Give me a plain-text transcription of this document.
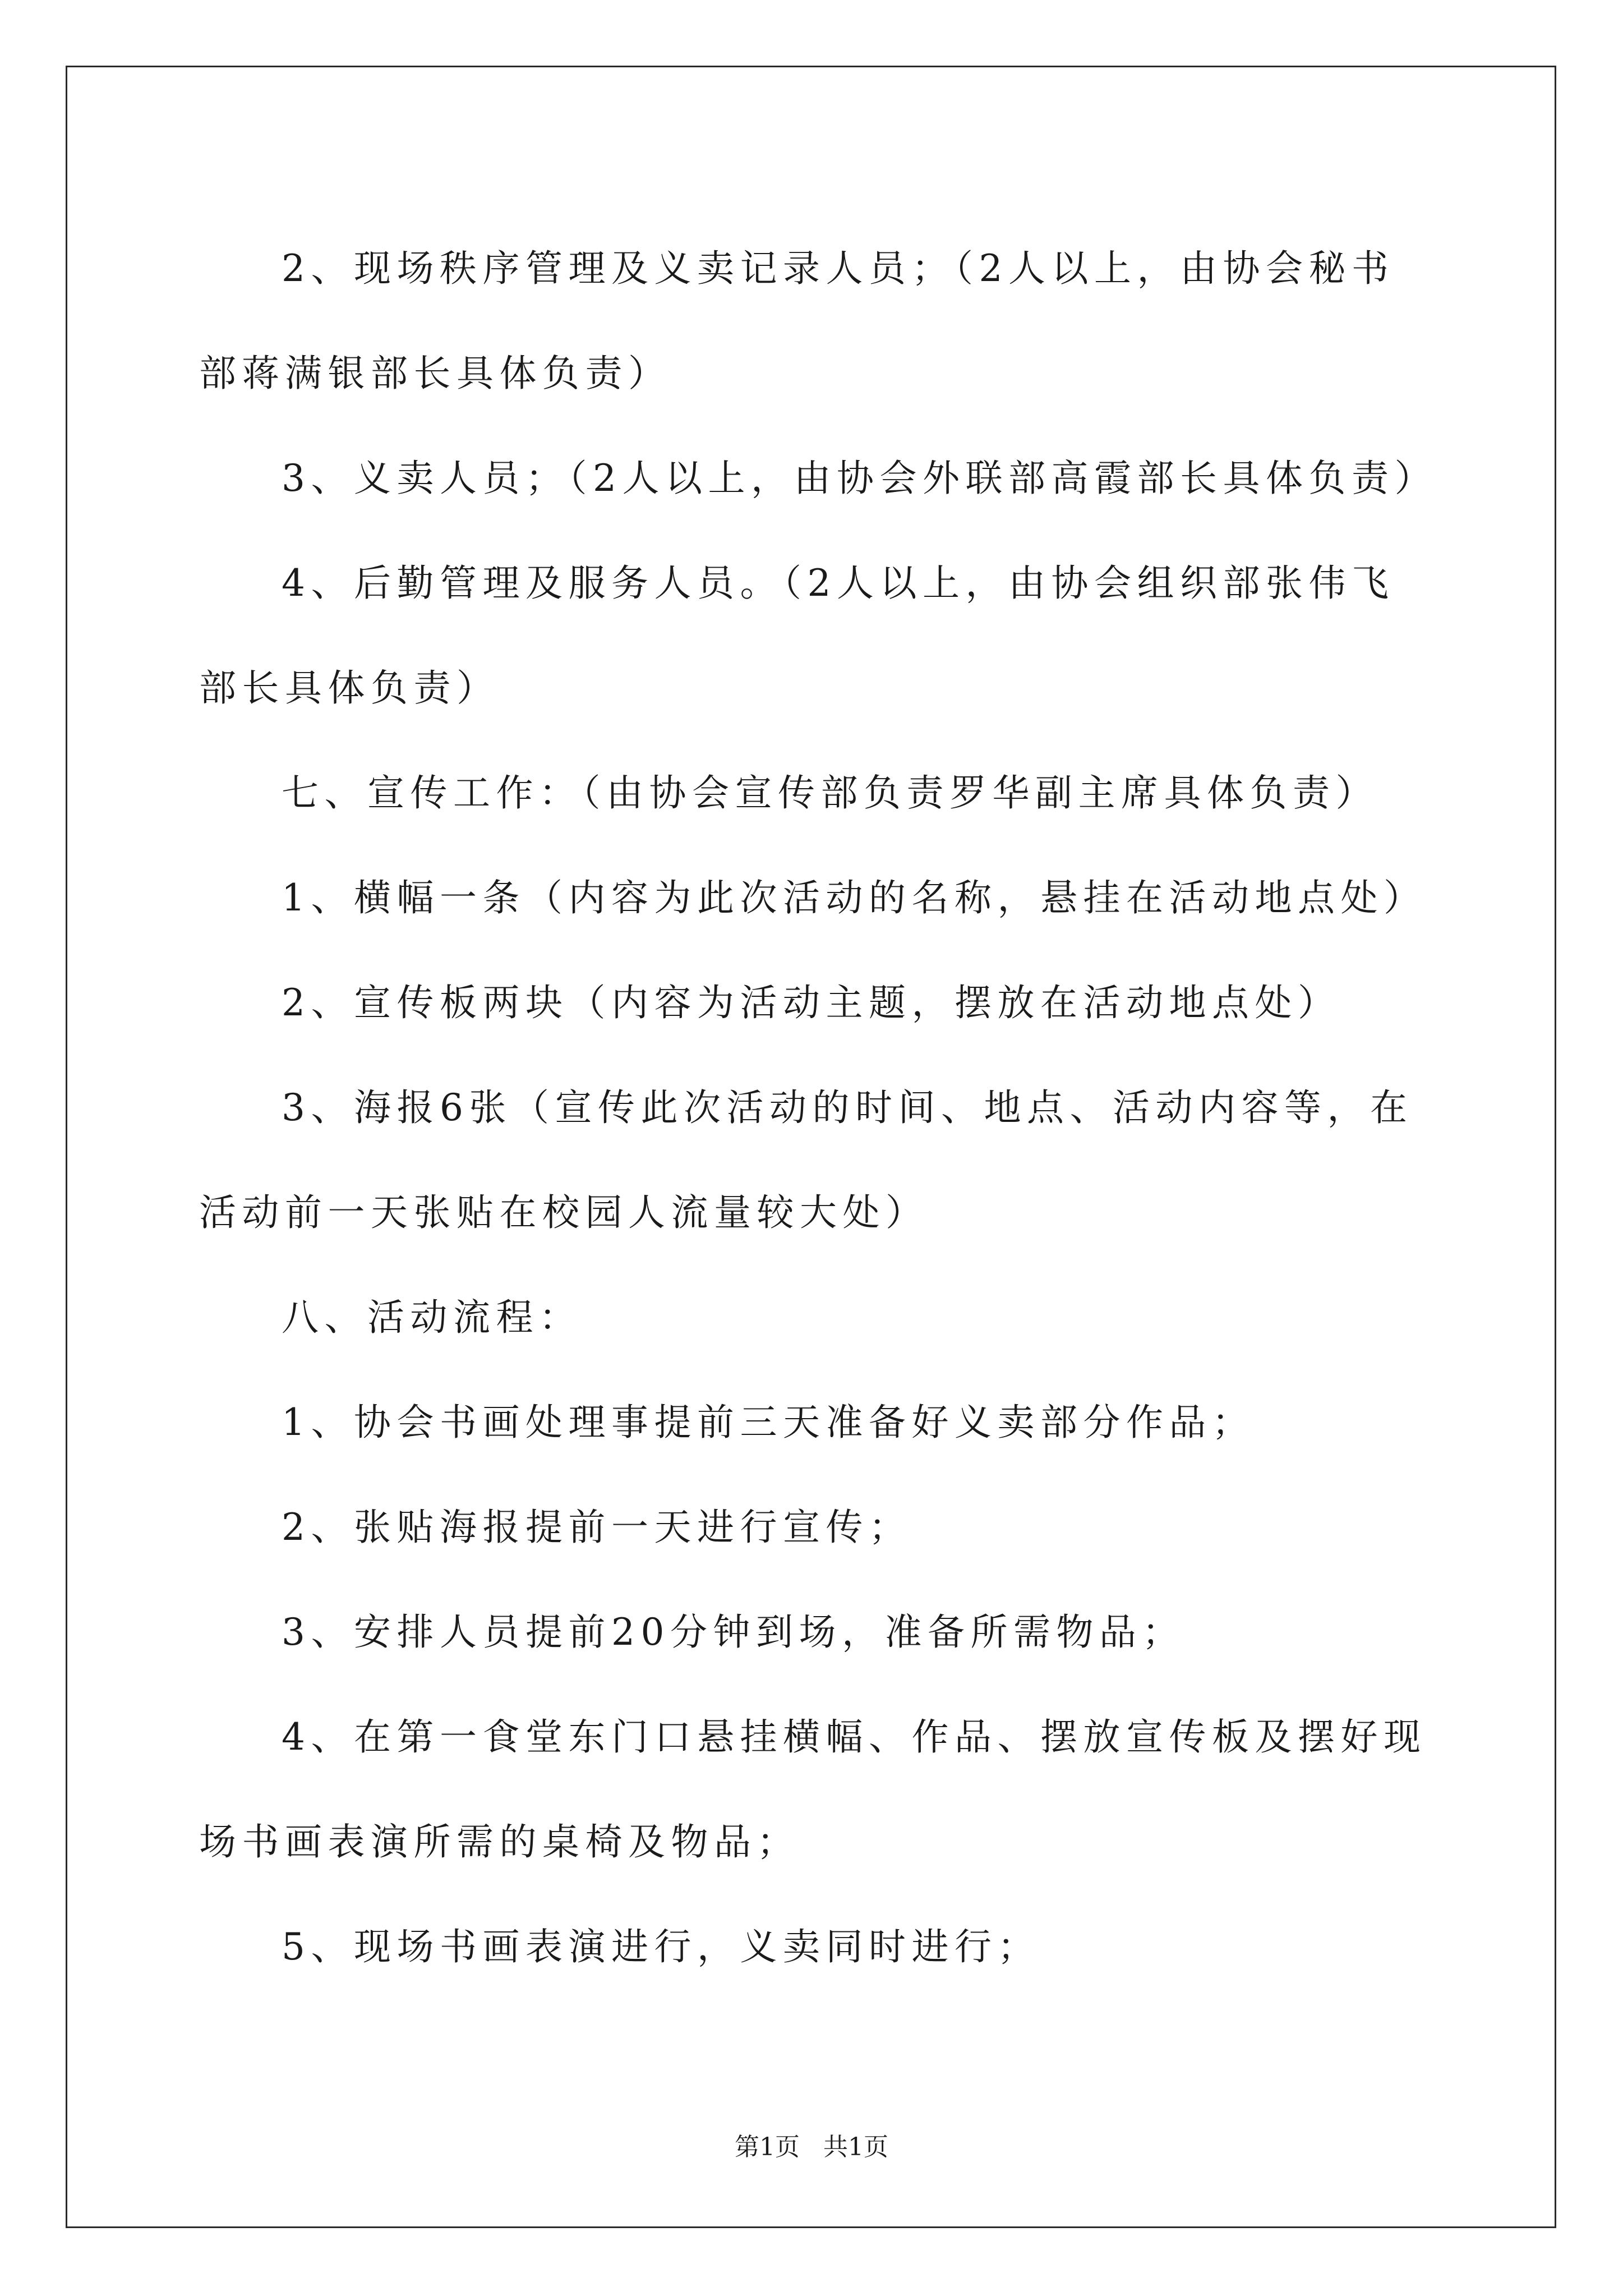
2、现场秩序管理及义卖记录人员；（2人以上，由协会秘书部蒋满银部长具体负责）

3、义卖人员；（2人以上，由协会外联部高霞部长具体负责）

4、后勤管理及服务人员。（2人以上，由协会组织部张伟飞部长具体负责）

七、宣传工作：（由协会宣传部负责罗华副主席具体负责）

1、横幅一条（内容为此次活动的名称，悬挂在活动地点处）

2、宣传板两块（内容为活动主题，摆放在活动地点处）

3、海报6张（宣传此次活动的时间、地点、活动内容等，在活动前一天张贴在校园人流量较大处）

八、活动流程：

1、协会书画处理事提前三天准备好义卖部分作品；

2、张贴海报提前一天进行宣传；

3、安排人员提前20分钟到场，准备所需物品；

4、在第一食堂东门口悬挂横幅、作品、摆放宣传板及摆好现场书画表演所需的桌椅及物品；

5、现场书画表演进行，义卖同时进行；

第1页   共1页
